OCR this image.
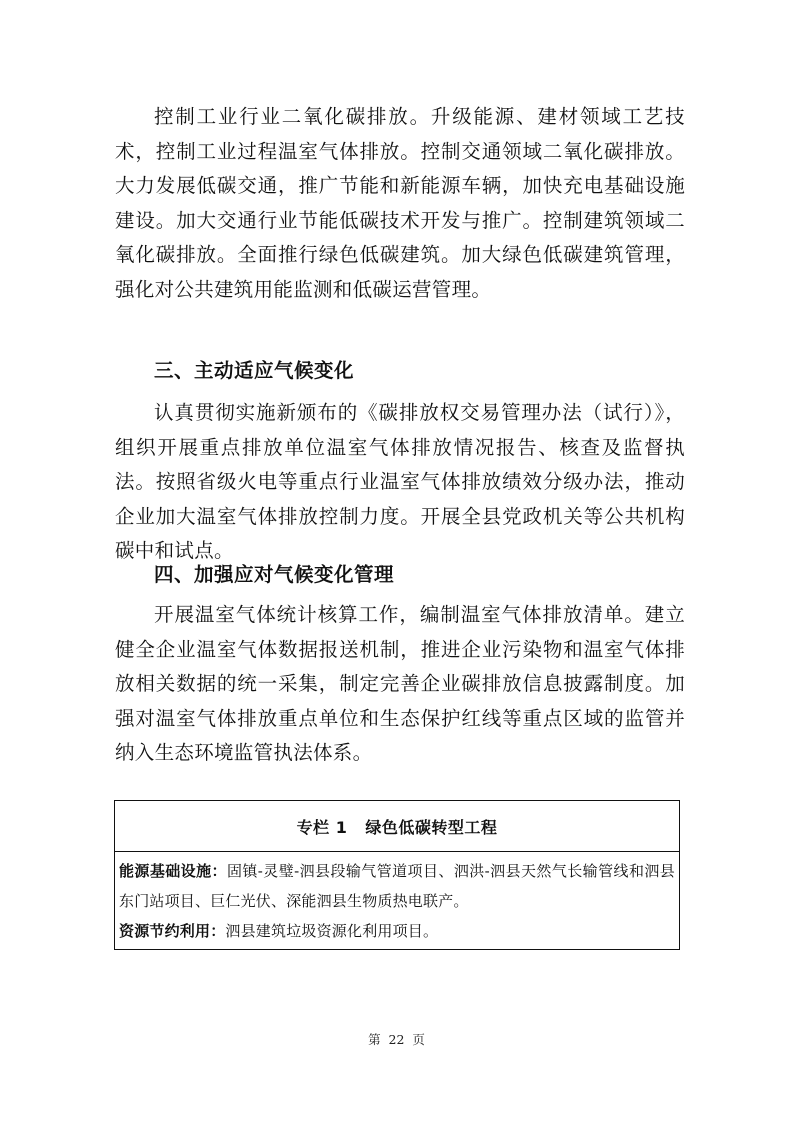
控制工业行业二氧化碳排放。升级能源、建材领域工艺技术，控制工业过程温室气体排放。控制交通领域二氧化碳排放。大力发展低碳交通，推广节能和新能源车辆，加快充电基础设施建设。加大交通行业节能低碳技术开发与推广。控制建筑领域二氧化碳排放。全面推行绿色低碳建筑。加大绿色低碳建筑管理，强化对公共建筑用能监测和低碳运营管理。

三、主动适应气候变化

认真贯彻实施新颁布的《碳排放权交易管理办法（试行）》，组织开展重点排放单位温室气体排放情况报告、核查及监督执法。按照省级火电等重点行业温室气体排放绩效分级办法，推动企业加大温室气体排放控制力度。开展全县党政机关等公共机构碳中和试点。

四、加强应对气候变化管理

开展温室气体统计核算工作，编制温室气体排放清单。建立健全企业温室气体数据报送机制，推进企业污染物和温室气体排放相关数据的统一采集，制定完善企业碳排放信息披露制度。加强对温室气体排放重点单位和生态保护红线等重点区域的监管并纳入生态环境监管执法体系。

专栏 1 绿色低碳转型工程

能源基础设施：固镇-灵璧-泗县段输气管道项目、泗洪-泗县天然气长输管线和泗县东门站项目、巨仁光伏、深能泗县生物质热电联产。

资源节约利用：泗县建筑垃圾资源化利用项目。

第 22 页
